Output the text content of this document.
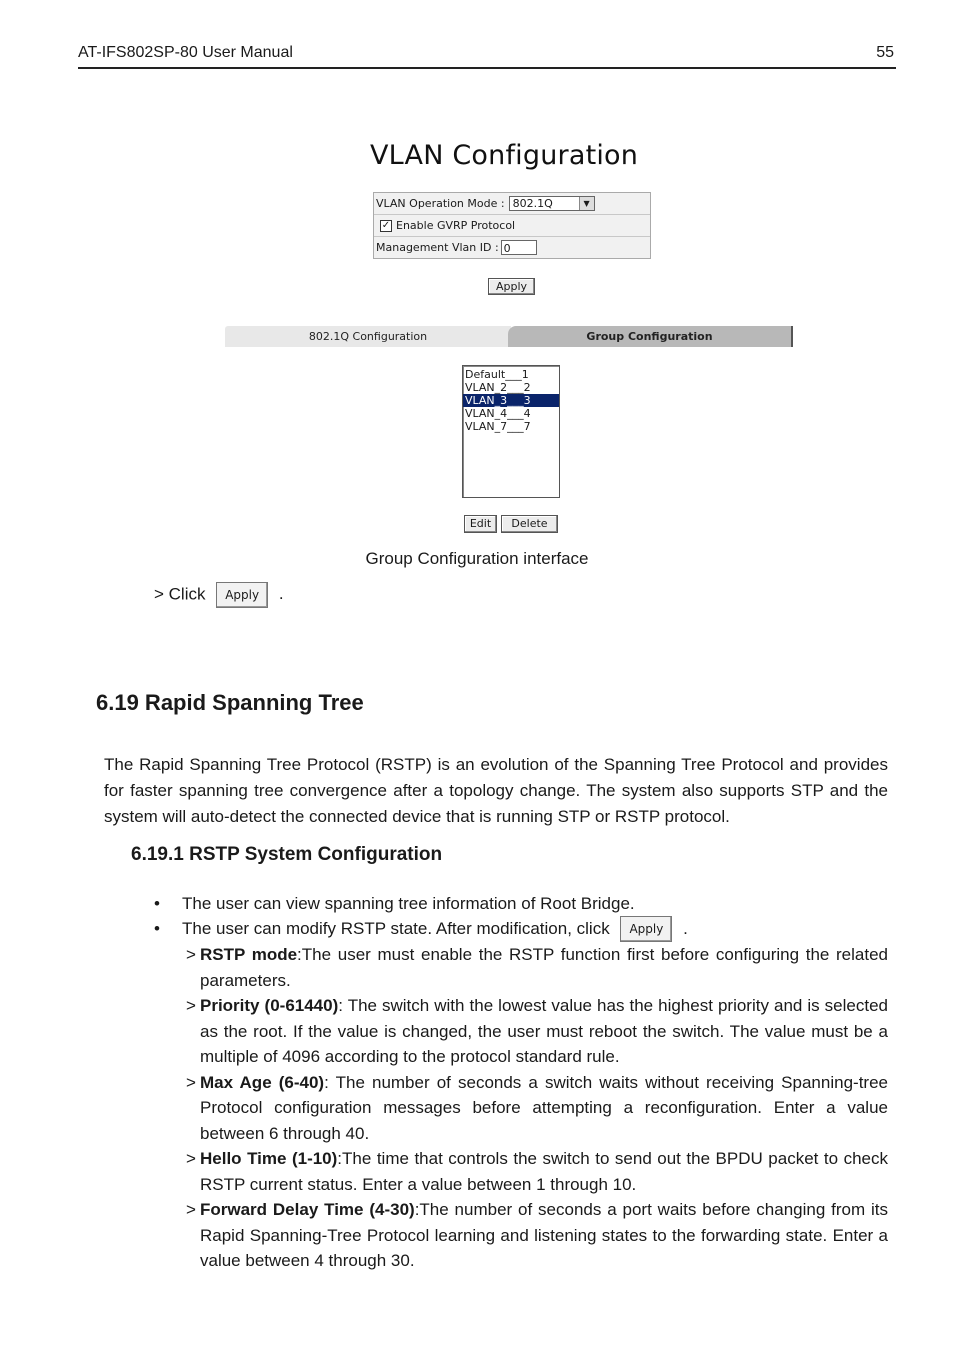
AT-IFS802SP-80 User Manual	55
VLAN Configuration
VLAN Operation Mode : 802.1Q	▼
✓ Enable GVRP Protocol
Management Vlan ID : 0
Apply
802.1Q Configuration	Group Configuration
Default___1
VLAN_2___2
VLAN_3___3
VLAN_4___4
VLAN_7___7
Edit	Delete
Group Configuration interface
> Click Apply .
6.19 Rapid Spanning Tree
The Rapid Spanning Tree Protocol (RSTP) is an evolution of the Spanning Tree Protocol and provides for faster spanning tree convergence after a topology change. The system also supports STP and the system will auto-detect the connected device that is running STP or RSTP protocol.
6.19.1 RSTP System Configuration
• The user can view spanning tree information of Root Bridge.
• The user can modify RSTP state. After modification, click Apply .
> RSTP mode:The user must enable the RSTP function first before configuring the related parameters.
> Priority (0-61440): The switch with the lowest value has the highest priority and is selected as the root. If the value is changed, the user must reboot the switch. The value must be a multiple of 4096 according to the protocol standard rule.
> Max Age (6-40): The number of seconds a switch waits without receiving Spanning-tree Protocol configuration messages before attempting a reconfiguration. Enter a value between 6 through 40.
> Hello Time (1-10):The time that controls the switch to send out the BPDU packet to check RSTP current status. Enter a value between 1 through 10.
> Forward Delay Time (4-30):The number of seconds a port waits before changing from its Rapid Spanning-Tree Protocol learning and listening states to the forwarding state. Enter a value between 4 through 30.
